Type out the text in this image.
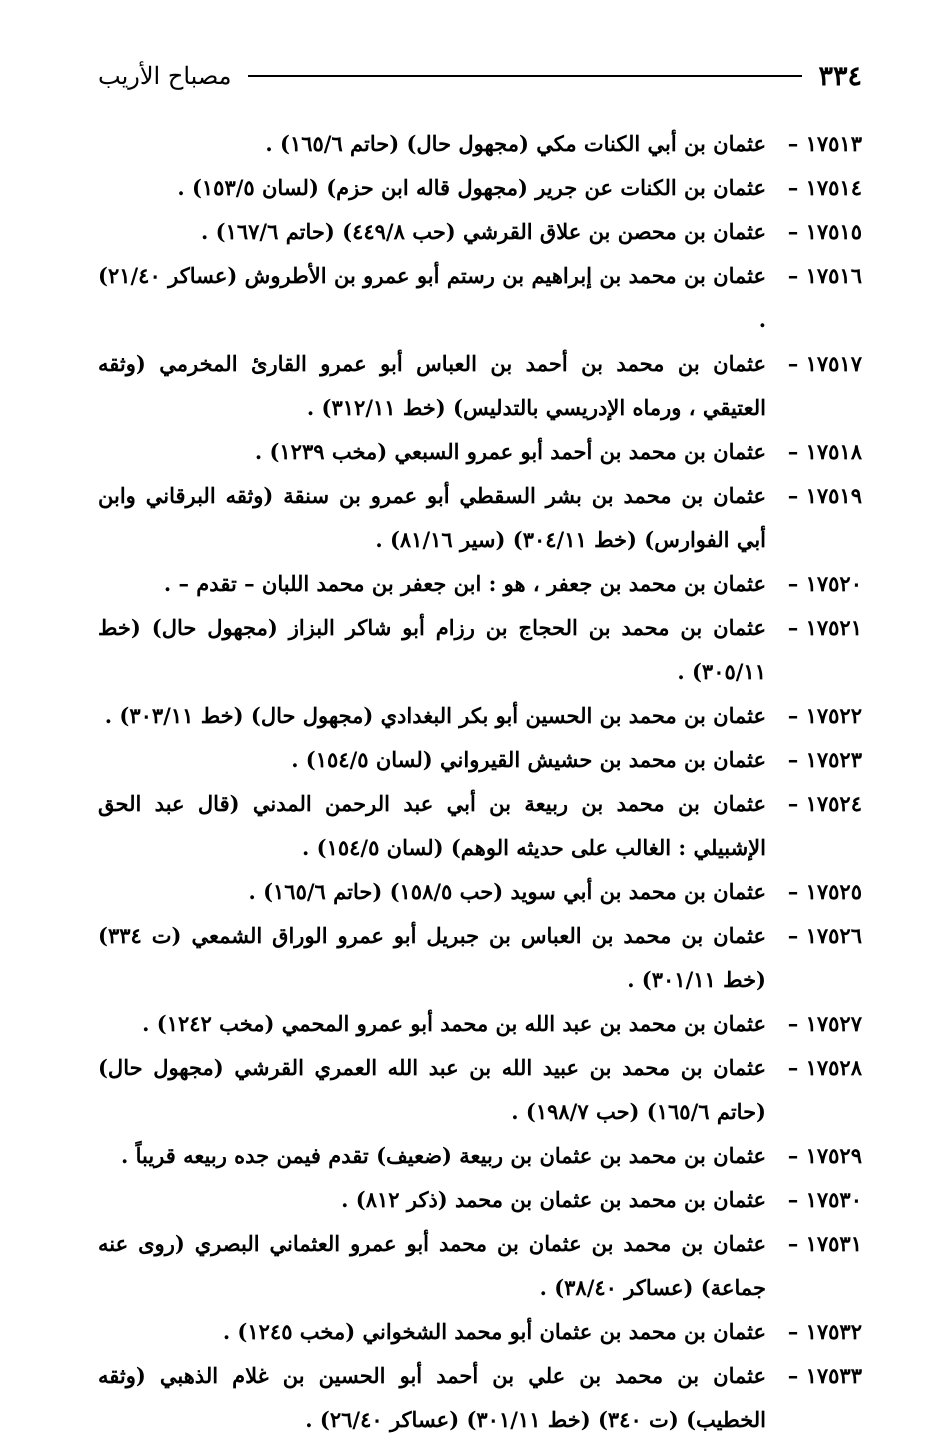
٣٣٤
مصباح الأريب
١٧٥١٣ –
عثمان بن أبي الكنات مكي (مجهول حال) (حاتم ١٦٥/٦) .
١٧٥١٤ –
عثمان بن الكنات عن جرير (مجهول قاله ابن حزم) (لسان ١٥٣/٥) .
١٧٥١٥ –
عثمان بن محصن بن علاق القرشي (حب ٤٤٩/٨) (حاتم ١٦٧/٦) .
١٧٥١٦ –
عثمان بن محمد بن إبراهيم بن رستم أبو عمرو بن الأطروش (عساكر ٢١/٤٠) .
١٧٥١٧ –
عثمان بن محمد بن أحمد بن العباس أبو عمرو القارئ المخرمي (وثقه العتيقي ، ورماه الإدريسي بالتدليس) (خط ٣١٢/١١) .
١٧٥١٨ –
عثمان بن محمد بن أحمد أبو عمرو السبعي (مخب ١٢٣٩) .
١٧٥١٩ –
عثمان بن محمد بن بشر السقطي أبو عمرو بن سنقة (وثقه البرقاني وابن أبي الفوارس) (خط ٣٠٤/١١) (سير ٨١/١٦) .
١٧٥٢٠ –
عثمان بن محمد بن جعفر ، هو : ابن جعفر بن محمد اللبان – تقدم – .
١٧٥٢١ –
عثمان بن محمد بن الحجاج بن رزام أبو شاكر البزاز (مجهول حال) (خط ٣٠٥/١١) .
١٧٥٢٢ –
عثمان بن محمد بن الحسين أبو بكر البغدادي (مجهول حال) (خط ٣٠٣/١١) .
١٧٥٢٣ –
عثمان بن محمد بن حشيش القيرواني (لسان ١٥٤/٥) .
١٧٥٢٤ –
عثمان بن محمد بن ربيعة بن أبي عبد الرحمن المدني (قال عبد الحق الإشبيلي : الغالب على حديثه الوهم) (لسان ١٥٤/٥) .
١٧٥٢٥ –
عثمان بن محمد بن أبي سويد (حب ١٥٨/٥) (حاتم ١٦٥/٦) .
١٧٥٢٦ –
عثمان بن محمد بن العباس بن جبريل أبو عمرو الوراق الشمعي (ت ٣٣٤) (خط ٣٠١/١١) .
١٧٥٢٧ –
عثمان بن محمد بن عبد الله بن محمد أبو عمرو المحمي (مخب ١٢٤٢) .
١٧٥٢٨ –
عثمان بن محمد بن عبيد الله بن عبد الله العمري القرشي (مجهول حال) (حاتم ١٦٥/٦) (حب ١٩٨/٧) .
١٧٥٢٩ –
عثمان بن محمد بن عثمان بن ربيعة (ضعيف) تقدم فيمن جده ربيعه قريباً .
١٧٥٣٠ –
عثمان بن محمد بن عثمان بن محمد (ذكر ٨١٢) .
١٧٥٣١ –
عثمان بن محمد بن عثمان بن محمد أبو عمرو العثماني البصري (روى عنه جماعة) (عساكر ٣٨/٤٠) .
١٧٥٣٢ –
عثمان بن محمد بن عثمان أبو محمد الشخواني (مخب ١٢٤٥) .
١٧٥٣٣ –
عثمان بن محمد بن علي بن أحمد أبو الحسين بن غلام الذهبي (وثقه الخطيب) (ت ٣٤٠) (خط ٣٠١/١١) (عساكر ٢٦/٤٠) .
